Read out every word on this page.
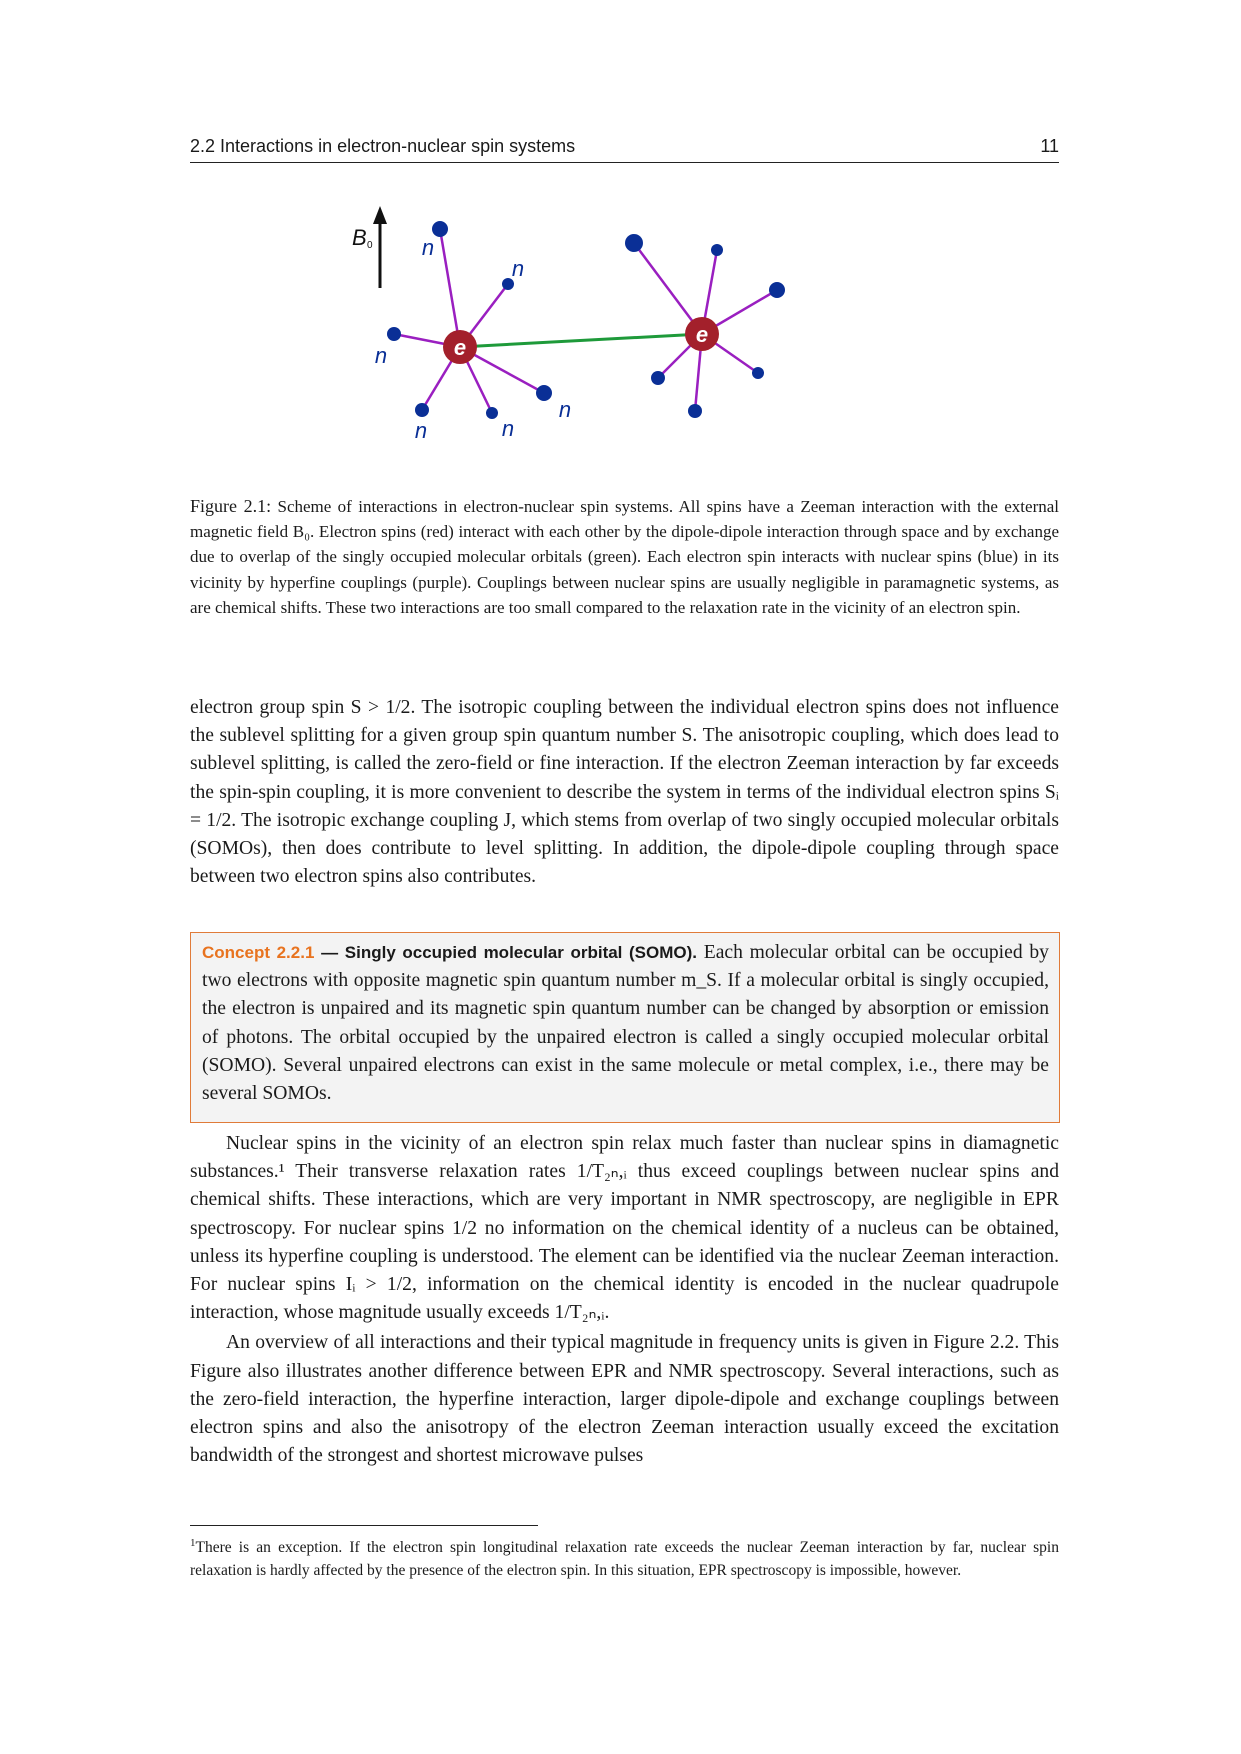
2.2 Interactions in electron-nuclear spin systems	11
e
e
B 0 n
n
n
n	n
n
Figure 2.1: Scheme of interactions in electron-nuclear spin systems. All spins have a Zeeman interaction with the external magnetic field B₀. Electron spins (red) interact with each other by the dipole-dipole interaction through space and by exchange due to overlap of the singly occupied molecular orbitals (green). Each electron spin interacts with nuclear spins (blue) in its vicinity by hyperfine couplings (purple). Couplings between nuclear spins are usually negligible in paramagnetic systems, as are chemical shifts. These two interactions are too small compared to the relaxation rate in the vicinity of an electron spin.

electron group spin S > 1/2. The isotropic coupling between the individual electron spins does not influence the sublevel splitting for a given group spin quantum number S. The anisotropic coupling, which does lead to sublevel splitting, is called the zero-field or fine interaction. If the electron Zeeman interaction by far exceeds the spin-spin coupling, it is more convenient to describe the system in terms of the individual electron spins Sᵢ = 1/2. The isotropic exchange coupling J, which stems from overlap of two singly occupied molecular orbitals (SOMOs), then does contribute to level splitting. In addition, the dipole-dipole coupling through space between two electron spins also contributes.

Concept 2.2.1 — Singly occupied molecular orbital (SOMO). Each molecular orbital can be occupied by two electrons with opposite magnetic spin quantum number m_S. If a molecular orbital is singly occupied, the electron is unpaired and its magnetic spin quantum number can be changed by absorption or emission of photons. The orbital occupied by the unpaired electron is called a singly occupied molecular orbital (SOMO). Several unpaired electrons can exist in the same molecule or metal complex, i.e., there may be several SOMOs.

Nuclear spins in the vicinity of an electron spin relax much faster than nuclear spins in diamagnetic substances.¹ Their transverse relaxation rates 1/T₂ₙ,ᵢ thus exceed couplings between nuclear spins and chemical shifts. These interactions, which are very important in NMR spectroscopy, are negligible in EPR spectroscopy. For nuclear spins 1/2 no information on the chemical identity of a nucleus can be obtained, unless its hyperfine coupling is understood. The element can be identified via the nuclear Zeeman interaction. For nuclear spins Iᵢ > 1/2, information on the chemical identity is encoded in the nuclear quadrupole interaction, whose magnitude usually exceeds 1/T₂ₙ,ᵢ.

An overview of all interactions and their typical magnitude in frequency units is given in Figure 2.2. This Figure also illustrates another difference between EPR and NMR spectroscopy. Several interactions, such as the zero-field interaction, the hyperfine interaction, larger dipole-dipole and exchange couplings between electron spins and also the anisotropy of the electron Zeeman interaction usually exceed the excitation bandwidth of the strongest and shortest microwave pulses

$^1$There is an exception. If the electron spin longitudinal relaxation rate exceeds the nuclear Zeeman interaction by far, nuclear spin relaxation is hardly affected by the presence of the electron spin. In this situation, EPR spectroscopy is impossible, however.
